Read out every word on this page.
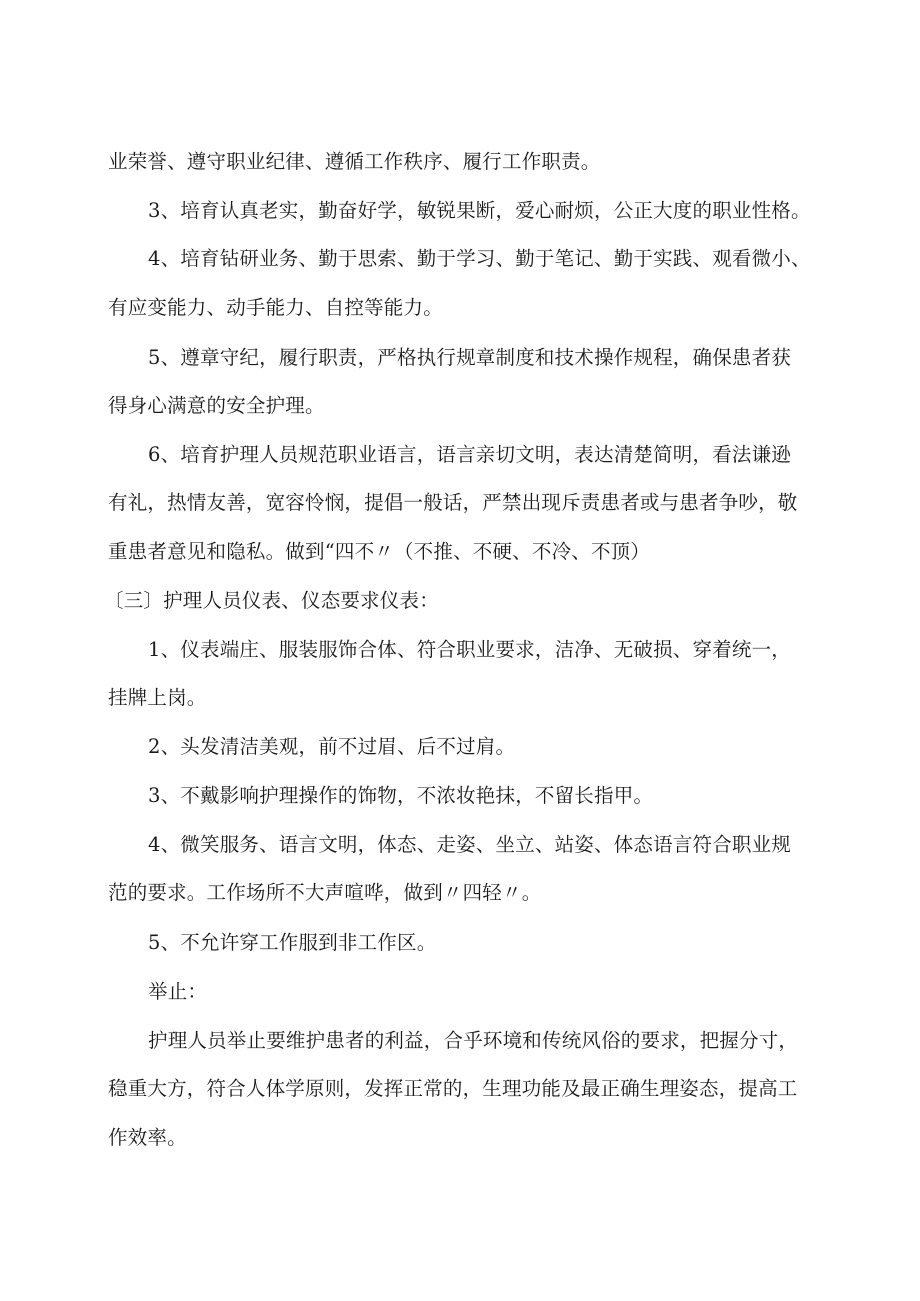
业荣誉、遵守职业纪律、遵循工作秩序、履行工作职责。
3、培育认真老实，勤奋好学，敏锐果断，爱心耐烦，公正大度的职业性格。
4、培育钻研业务、勤于思索、勤于学习、勤于笔记、勤于实践、观看微小、
有应变能力、动手能力、自控等能力。
5、遵章守纪，履行职责，严格执行规章制度和技术操作规程，确保患者获
得身心满意的安全护理。
6、培育护理人员规范职业语言，语言亲切文明，表达清楚简明，看法谦逊
有礼，热情友善，宽容怜悯，提倡一般话，严禁出现斥责患者或与患者争吵，敬
重患者意见和隐私。做到“四不〃（不推、不硬、不冷、不顶）
〔三〕护理人员仪表、仪态要求仪表：
1、仪表端庄、服装服饰合体、符合职业要求，洁净、无破损、穿着统一，
挂牌上岗。
2、头发清洁美观，前不过眉、后不过肩。
3、不戴影响护理操作的饰物，不浓妆艳抹，不留长指甲。
4、微笑服务、语言文明，体态、走姿、坐立、站姿、体态语言符合职业规
范的要求。工作场所不大声喧哗，做到〃四轻〃。
5、不允许穿工作服到非工作区。
举止：
护理人员举止要维护患者的利益，合乎环境和传统风俗的要求，把握分寸，
稳重大方，符合人体学原则，发挥正常的，生理功能及最正确生理姿态，提高工
作效率。
